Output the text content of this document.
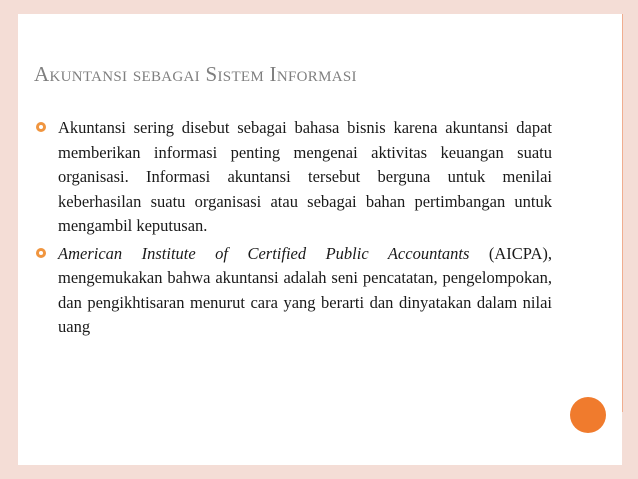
Akuntansi sebagai Sistem Informasi
Akuntansi sering disebut sebagai bahasa bisnis karena akuntansi dapat memberikan informasi penting mengenai aktivitas keuangan suatu organisasi. Informasi akuntansi tersebut berguna untuk menilai keberhasilan suatu organisasi atau sebagai bahan pertimbangan untuk mengambil keputusan.
American Institute of Certified Public Accountants (AICPA), mengemukakan bahwa akuntansi adalah seni pencatatan, pengelompokan, dan pengikhtisaran menurut cara yang berarti dan dinyatakan dalam nilai uang
